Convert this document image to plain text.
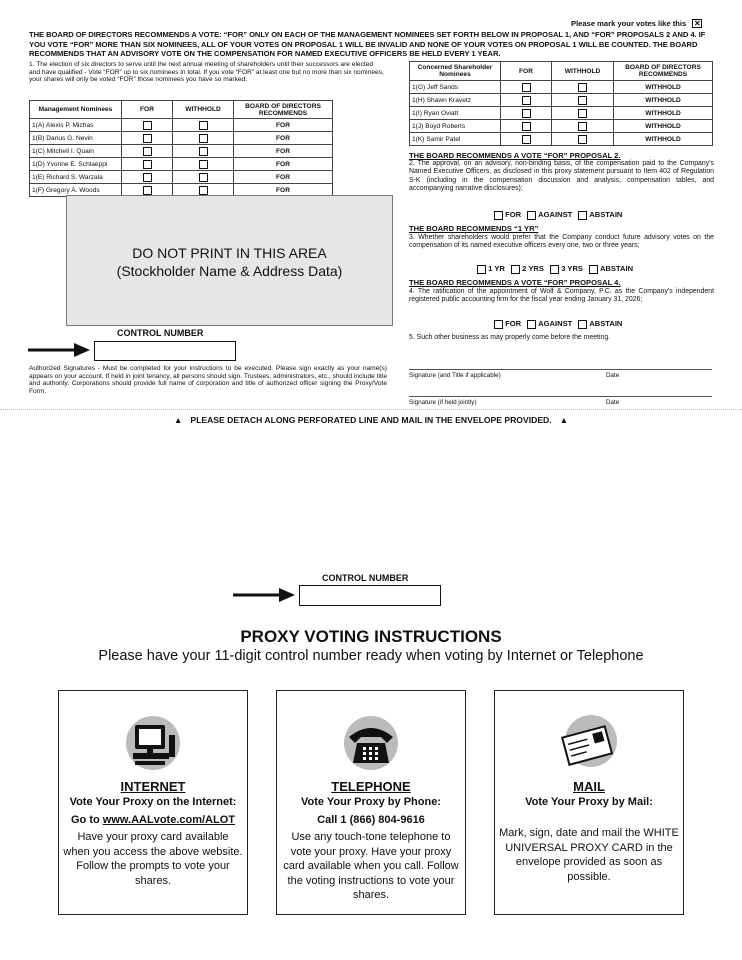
Please mark your votes like this ✕
THE BOARD OF DIRECTORS RECOMMENDS A VOTE: “FOR” ONLY ON EACH OF THE MANAGEMENT NOMINEES SET FORTH BELOW IN PROPOSAL 1, AND “FOR” PROPOSALS 2 AND 4. IF YOU VOTE “FOR” MORE THAN SIX NOMINEES, ALL OF YOUR VOTES ON PROPOSAL 1 WILL BE INVALID AND NONE OF YOUR VOTES ON PROPOSAL 1 WILL BE COUNTED. THE BOARD RECOMMENDS THAT AN ADVISORY VOTE ON THE COMPENSATION FOR NAMED EXECUTIVE OFFICERS BE HELD EVERY 1 YEAR.
1. The election of six directors to serve until the next annual meeting of shareholders until their successors are elected and have qualified - Vote “FOR” up to six nominees in total. If you vote “FOR” at least one but no more than six nominees, your shares will only be voted “FOR” those nominees you have so marked.
Management Nominees	FOR	WITHHOLD	BOARD OF DIRECTORS RECOMMENDS
1(A) Alexis P. Michas			FOR
1(B) Darius G. Nevin			FOR
1(C) Mitchell I. Quain			FOR
1(D) Yvonne E. Schlaeppi			FOR
1(E) Richard S. Warzala			FOR
1(F) Gregory A. Woods			FOR
Concerned Shareholder Nominees	FOR	WITHHOLD	BOARD OF DIRECTORS RECOMMENDS
1(G) Jeff Sands			WITHHOLD
1(H) Shawn Kravetz			WITHHOLD
1(I) Ryan Oviatt			WITHHOLD
1(J) Boyd Roberts			WITHHOLD
1(K) Samir Patel			WITHHOLD
DO NOT PRINT IN THIS AREA
(Stockholder Name & Address Data)
CONTROL NUMBER
Authorized Signatures - Must be completed for your instructions to be executed. Please sign exactly as your name(s) appears on your account. If held in joint tenancy, all persons should sign. Trustees, administrators, etc., should include title and authority. Corporations should provide full name of corporation and title of authorized officer signing the Proxy/Vote Form.
THE BOARD RECOMMENDS A VOTE “FOR” PROPOSAL 2.
2. The approval, on an advisory, non-binding basis, of the compensation paid to the Company’s Named Executive Officers, as disclosed in this proxy statement pursuant to Item 402 of Regulation S-K (including in the compensation discussion and analysis, compensation tables, and accompanying narrative disclosures);
FOR AGAINST ABSTAIN
THE BOARD RECOMMENDS “1 YR”
3. Whether shareholders would prefer that the Company conduct future advisory votes on the compensation of its named executive officers every one, two or three years;
1 YR 2 YRS 3 YRS ABSTAIN
THE BOARD RECOMMENDS A VOTE “FOR” PROPOSAL 4.
4. The ratification of the appointment of Wolf & Company, P.C. as the Company’s independent registered public accounting firm for the fiscal year ending January 31, 2026;
FOR AGAINST ABSTAIN
5. Such other business as may properly come before the meeting.
Signature (and Title if applicable)	Date
Signature (if held jointly)	Date
▲ PLEASE DETACH ALONG PERFORATED LINE AND MAIL IN THE ENVELOPE PROVIDED. ▲
CONTROL NUMBER
PROXY VOTING INSTRUCTIONS
Please have your 11-digit control number ready when voting by Internet or Telephone
INTERNET
Vote Your Proxy on the Internet:
Go to www.AALvote.com/ALOT
Have your proxy card available when you access the above website. Follow the prompts to vote your shares.
TELEPHONE
Vote Your Proxy by Phone:
Call 1 (866) 804-9616
Use any touch-tone telephone to vote your proxy. Have your proxy card available when you call. Follow the voting instructions to vote your shares.
MAIL
Vote Your Proxy by Mail:
Mark, sign, date and mail the WHITE UNIVERSAL PROXY CARD in the envelope provided as soon as possible.
